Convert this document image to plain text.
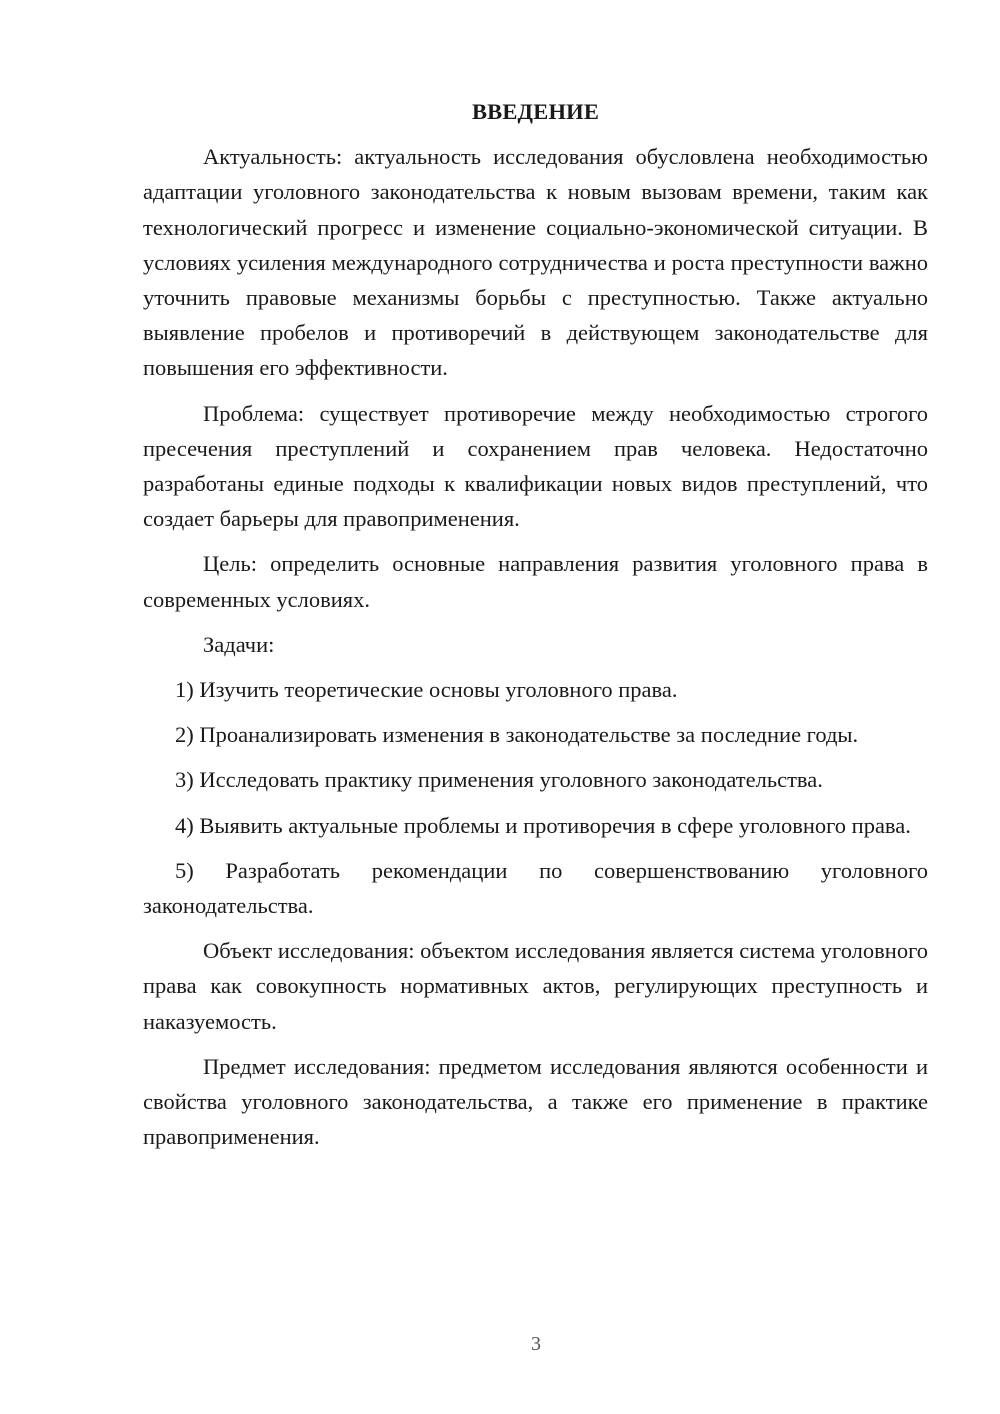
ВВЕДЕНИЕ

Актуальность: актуальность исследования обусловлена необходимостью адаптации уголовного законодательства к новым вызовам времени, таким как технологический прогресс и изменение социально-экономической ситуации. В условиях усиления международного сотрудничества и роста преступности важно уточнить правовые механизмы борьбы с преступностью. Также актуально выявление пробелов и противоречий в действующем законодательстве для повышения его эффективности.

Проблема: существует противоречие между необходимостью строгого пресечения преступлений и сохранением прав человека. Недостаточно разработаны единые подходы к квалификации новых видов преступлений, что создает барьеры для правоприменения.

Цель: определить основные направления развития уголовного права в современных условиях.

Задачи:

1) Изучить теоретические основы уголовного права.

2) Проанализировать изменения в законодательстве за последние годы.

3) Исследовать практику применения уголовного законодательства.

4) Выявить актуальные проблемы и противоречия в сфере уголовного права.

5) Разработать рекомендации по совершенствованию уголовного законодательства.

Объект исследования: объектом исследования является система уголовного права как совокупность нормативных актов, регулирующих преступность и наказуемость.

Предмет исследования: предметом исследования являются особенности и свойства уголовного законодательства, а также его применение в практике правоприменения.

3
